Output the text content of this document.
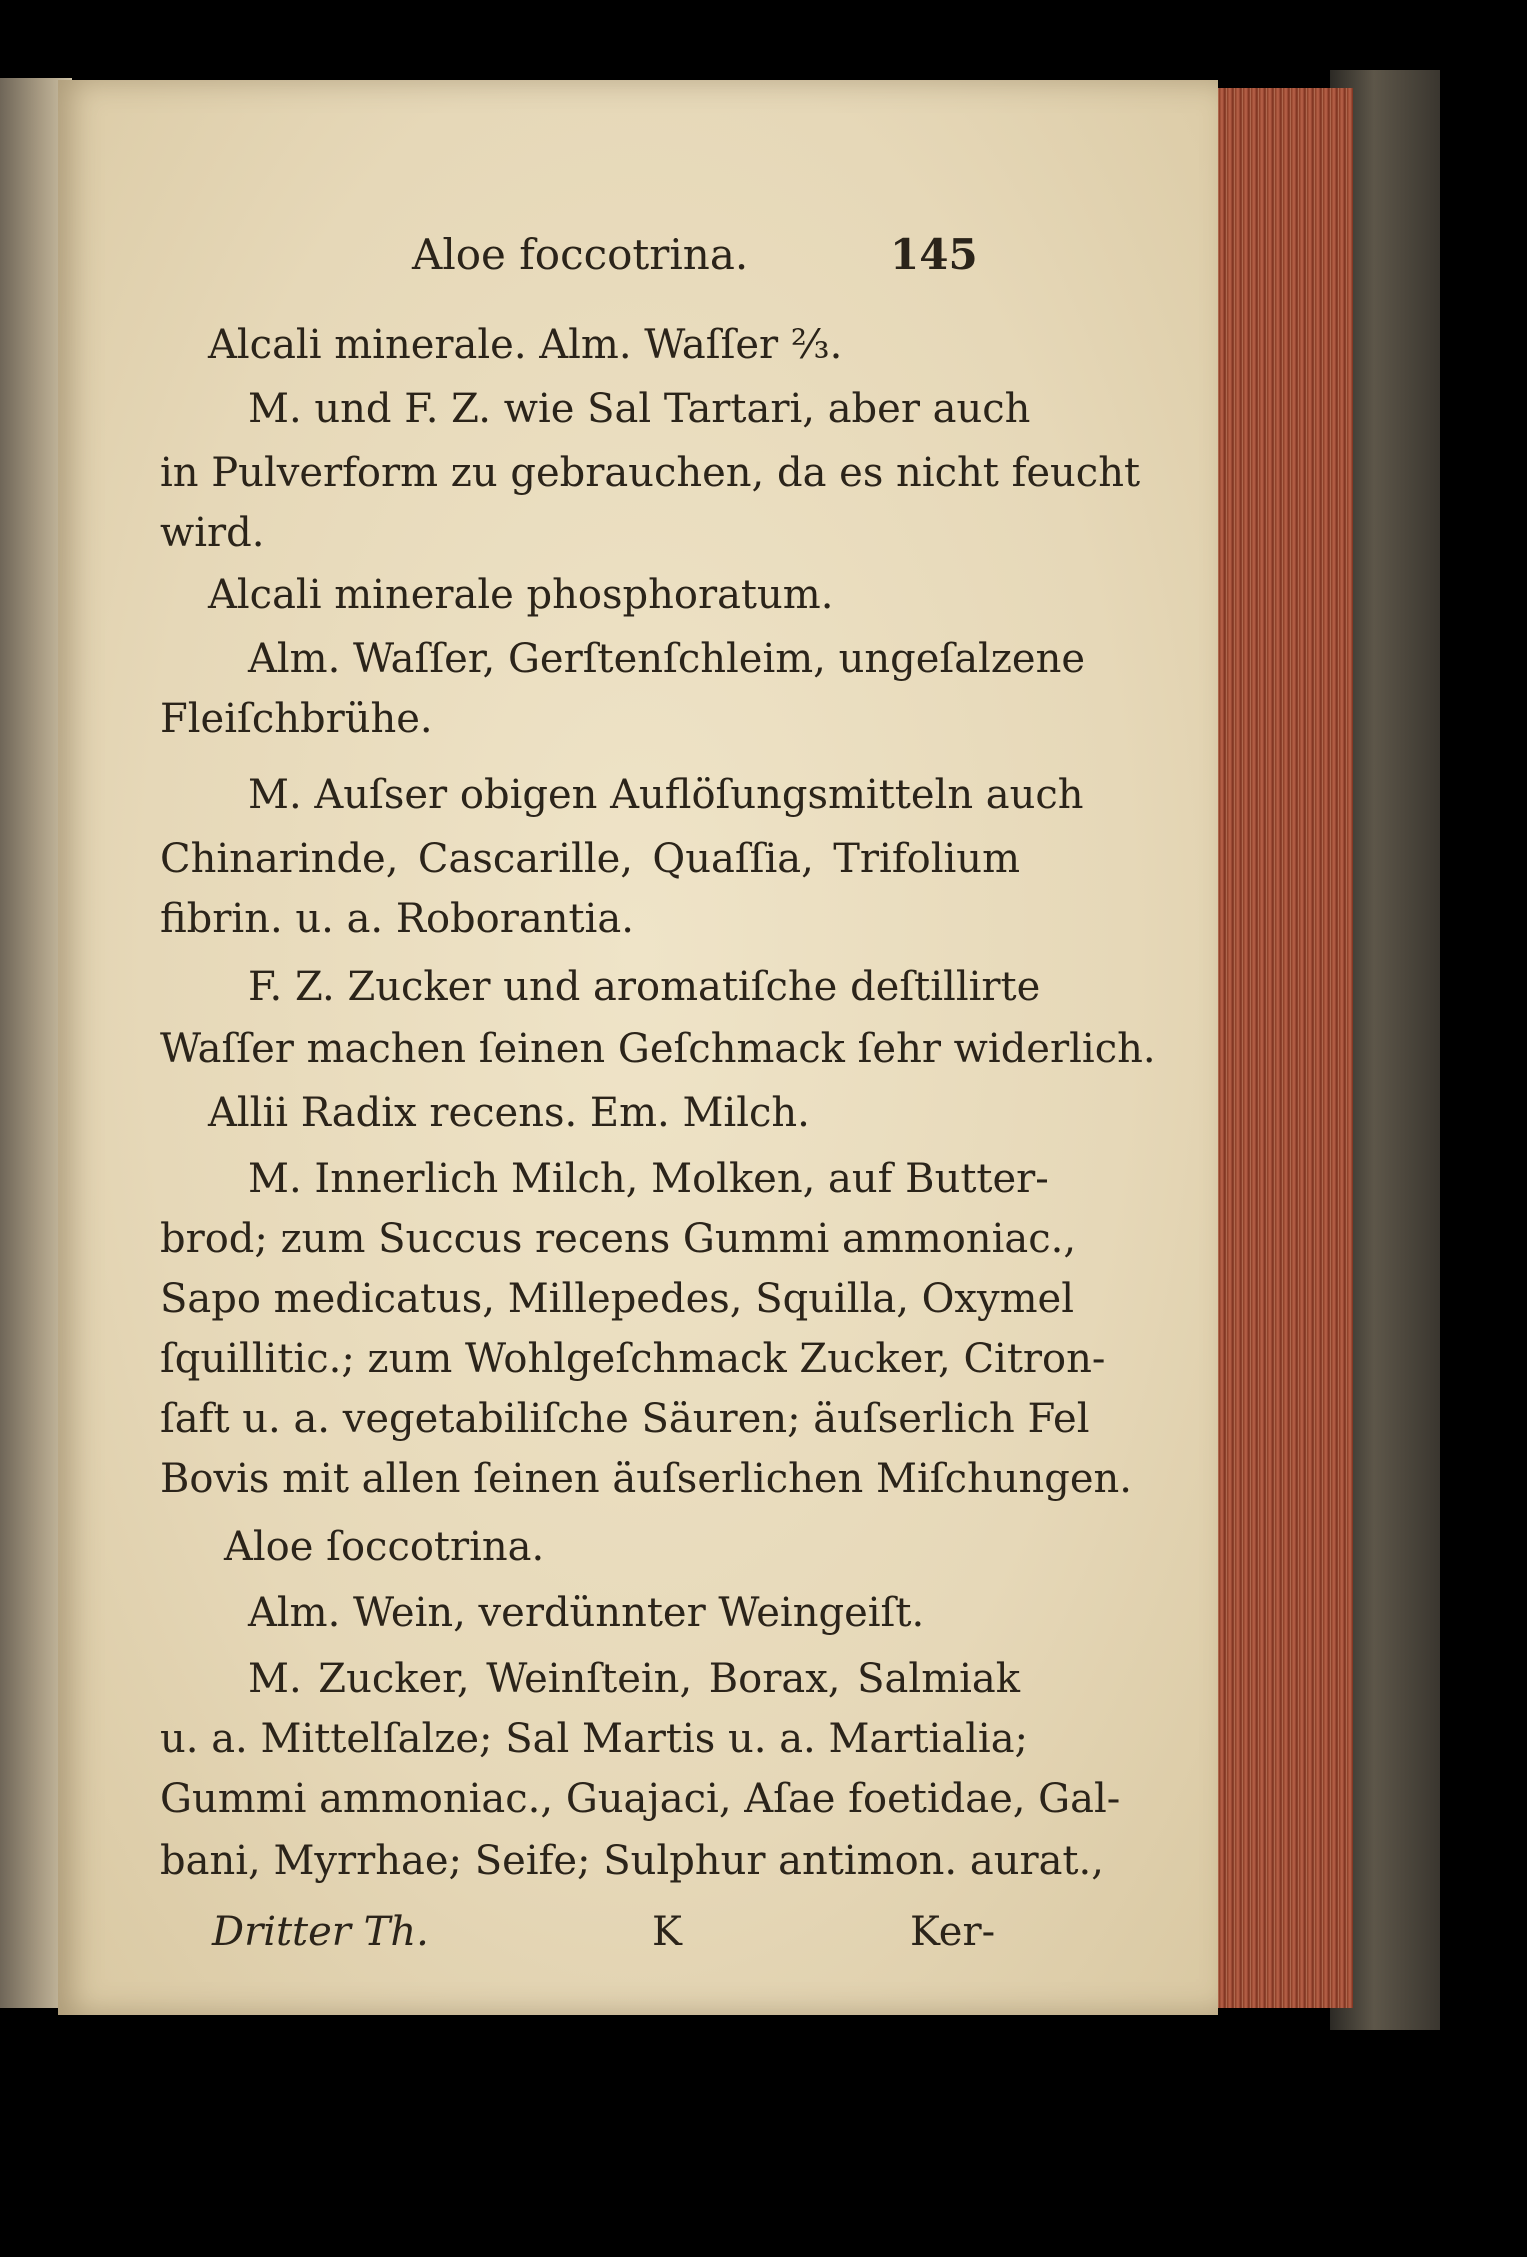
Aloe foccotrina.	145
Alcali minerale. Alm. Waſſer ⅔.
M. und F. Z. wie Sal Tartari, aber auch
in Pulverform zu gebrauchen, da es nicht feucht
wird.
Alcali minerale phosphoratum.
Alm. Waſſer, Gerſtenſchleim, ungeſalzene
Fleiſchbrühe.
M. Auſser obigen Auflöſungsmitteln auch
Chinarinde, Cascarille, Quaſſia, Trifolium
fibrin. u. a. Roborantia.
F. Z. Zucker und aromatiſche deſtillirte
Waſſer machen ſeinen Geſchmack ſehr widerlich.
Allii Radix recens. Em. Milch.
M. Innerlich Milch, Molken, auf Butter-
brod; zum Succus recens Gummi ammoniac.,
Sapo medicatus, Millepedes, Squilla, Oxymel
ſquillitic.; zum Wohlgeſchmack Zucker, Citron-
ſaft u. a. vegetabiliſche Säuren; äuſserlich Fel
Bovis mit allen ſeinen äuſserlichen Miſchungen.
Aloe ſoccotrina.
Alm. Wein, verdünnter Weingeiſt.
M. Zucker, Weinſtein, Borax, Salmiak
u. a. Mittelſalze; Sal Martis u. a. Martialia;
Gummi ammoniac., Guajaci, Aſae foetidae, Gal-
bani, Myrrhae; Seife; Sulphur antimon. aurat.,
Dritter Th.	K	Ker-
